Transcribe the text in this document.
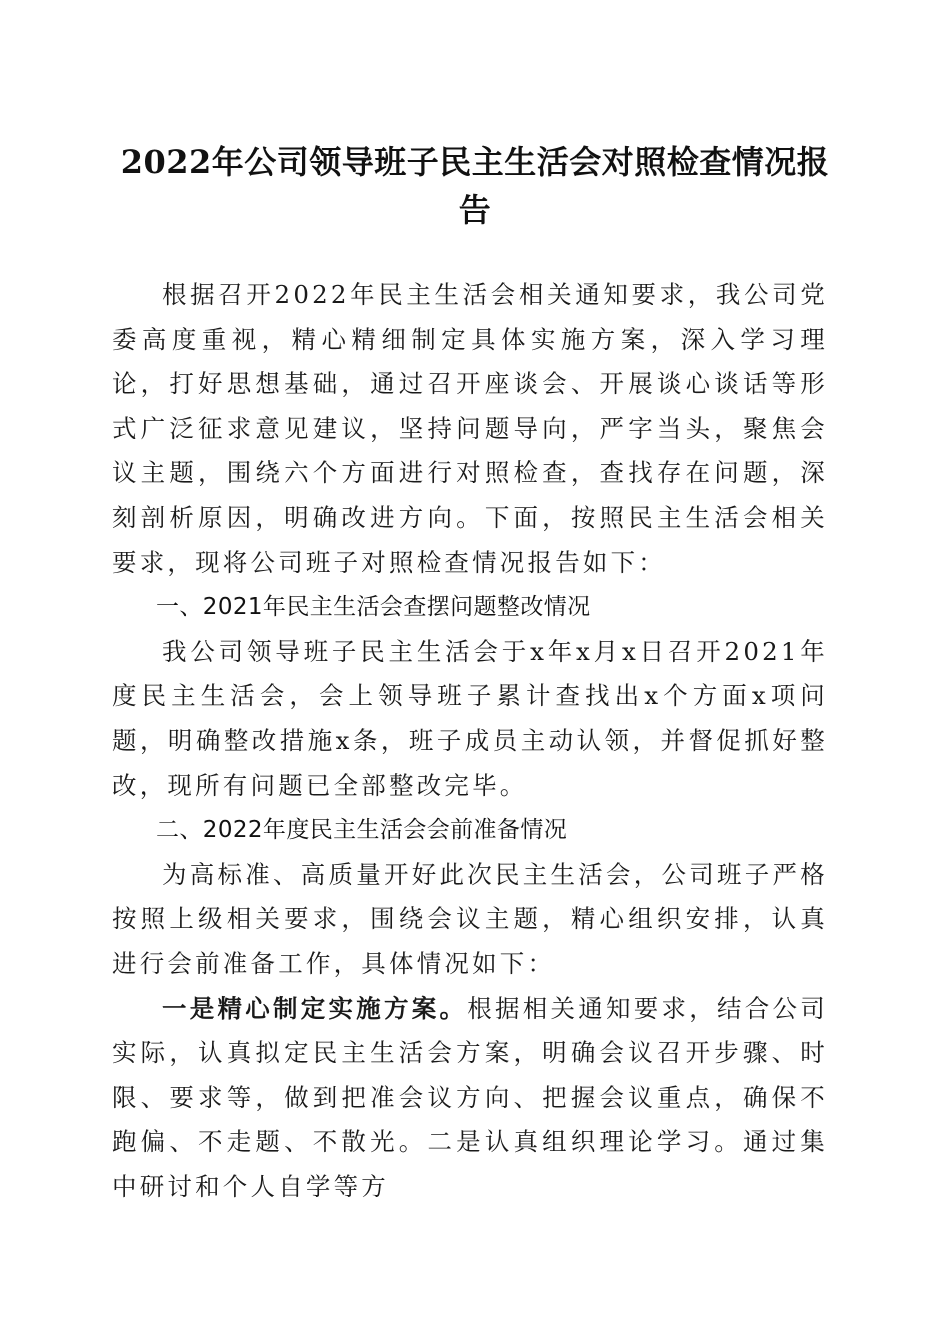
2022年公司领导班子民主生活会对照检查情况报告

根据召开2022年民主生活会相关通知要求，我公司党委高度重视，精心精细制定具体实施方案，深入学习理论，打好思想基础，通过召开座谈会、开展谈心谈话等形式广泛征求意见建议，坚持问题导向，严字当头，聚焦会议主题，围绕六个方面进行对照检查，查找存在问题，深刻剖析原因，明确改进方向。下面，按照民主生活会相关要求，现将公司班子对照检查情况报告如下：

一、2021年民主生活会查摆问题整改情况

我公司领导班子民主生活会于x年x月x日召开2021年度民主生活会，会上领导班子累计查找出x个方面x项问题，明确整改措施x条，班子成员主动认领，并督促抓好整改，现所有问题已全部整改完毕。

二、2022年度民主生活会会前准备情况

为高标准、高质量开好此次民主生活会，公司班子严格按照上级相关要求，围绕会议主题，精心组织安排，认真进行会前准备工作，具体情况如下：

一是精心制定实施方案。根据相关通知要求，结合公司实际，认真拟定民主生活会方案，明确会议召开步骤、时限、要求等，做到把准会议方向、把握会议重点，确保不跑偏、不走题、不散光。二是认真组织理论学习。通过集中研讨和个人自学等方
